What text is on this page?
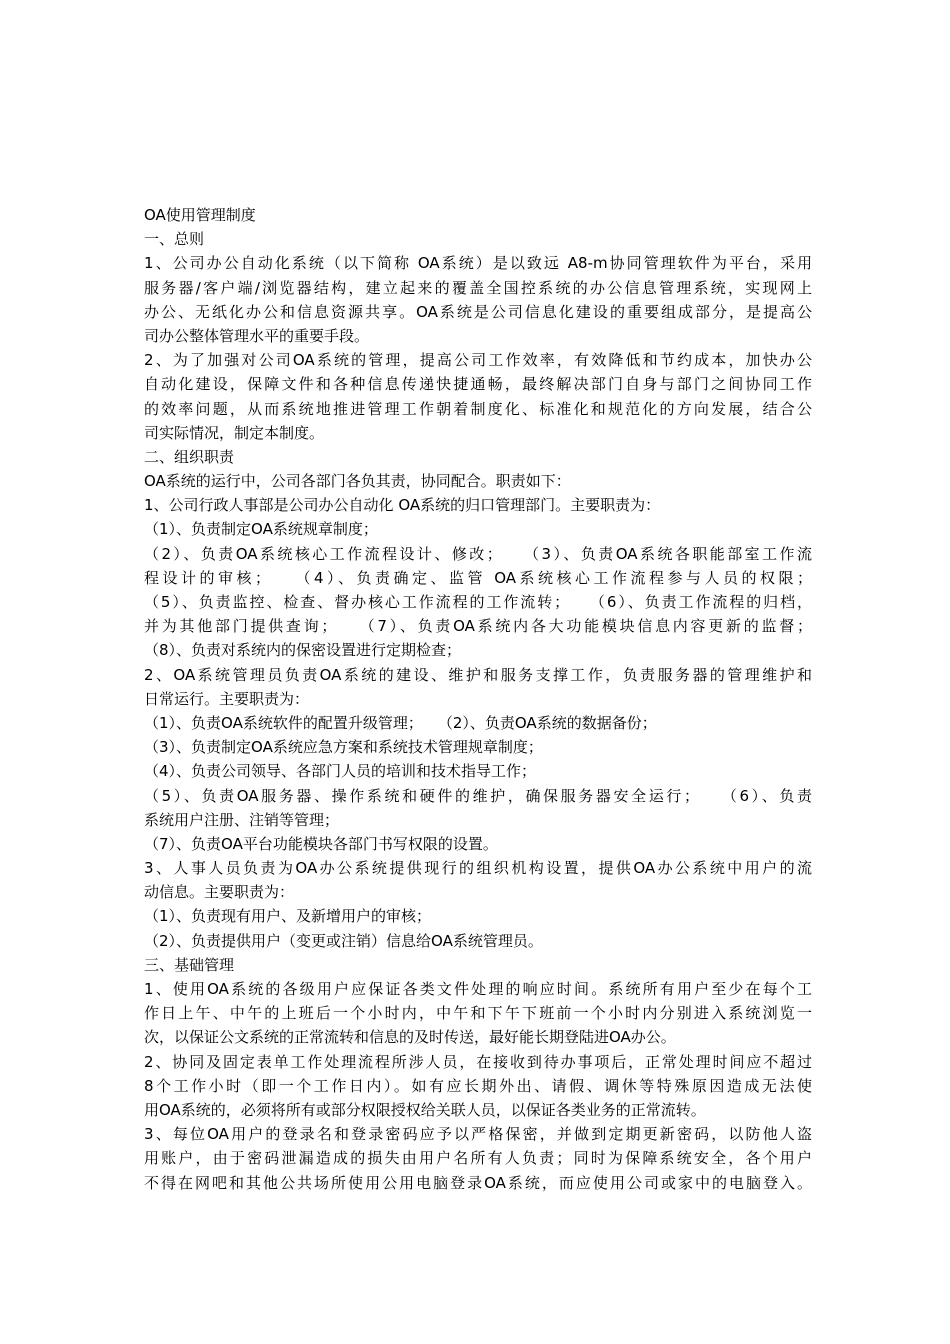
OA使用管理制度
一、总则
1、公司办公自动化系统（以下简称 OA系统）是以致远 A8-m协同管理软件为平台，采用
服务器/客户端/浏览器结构，建立起来的覆盖全国控系统的办公信息管理系统，实现网上
办公、无纸化办公和信息资源共享。OA系统是公司信息化建设的重要组成部分，是提高公
司办公整体管理水平的重要手段。
2、为了加强对公司OA系统的管理，提高公司工作效率，有效降低和节约成本，加快办公
自动化建设，保障文件和各种信息传递快捷通畅，最终解决部门自身与部门之间协同工作
的效率问题，从而系统地推进管理工作朝着制度化、标准化和规范化的方向发展，结合公
司实际情况，制定本制度。
二、组织职责
OA系统的运行中，公司各部门各负其责，协同配合。职责如下：
1、公司行政人事部是公司办公自动化 OA系统的归口管理部门。主要职责为：
（1）、负责制定OA系统规章制度；
（2）、负责OA系统核心工作流程设计、修改；　　（3）、负责OA系统各职能部室工作流
程设计的审核；　　（4）、负责确定、监管 OA系统核心工作流程参与人员的权限；
（5）、负责监控、检查、督办核心工作流程的工作流转；　　（6）、负责工作流程的归档，
并为其他部门提供查询；　　（7）、负责OA系统内各大功能模块信息内容更新的监督；
（8）、负责对系统内的保密设置进行定期检查；
2、OA系统管理员负责OA系统的建设、维护和服务支撑工作，负责服务器的管理维护和
日常运行。主要职责为：
（1）、负责OA系统软件的配置升级管理；　　（2）、负责OA系统的数据备份；
（3）、负责制定OA系统应急方案和系统技术管理规章制度；
（4）、负责公司领导、各部门人员的培训和技术指导工作；
（5）、负责OA服务器、操作系统和硬件的维护，确保服务器安全运行；　　（6）、负责
系统用户注册、注销等管理；
（7）、负责OA平台功能模块各部门书写权限的设置。
3、人事人员负责为OA办公系统提供现行的组织机构设置，提供OA办公系统中用户的流
动信息。主要职责为：
（1）、负责现有用户、及新增用户的审核；
（2）、负责提供用户（变更或注销）信息给OA系统管理员。
三、基础管理
1、使用OA系统的各级用户应保证各类文件处理的响应时间。系统所有用户至少在每个工
作日上午、中午的上班后一个小时内，中午和下午下班前一个小时内分别进入系统浏览一
次，以保证公文系统的正常流转和信息的及时传送，最好能长期登陆进OA办公。
2、协同及固定表单工作处理流程所涉人员，在接收到待办事项后，正常处理时间应不超过
8个工作小时（即一个工作日内）。如有应长期外出、请假、调休等特殊原因造成无法使
用OA系统的，必须将所有或部分权限授权给关联人员，以保证各类业务的正常流转。
3、每位OA用户的登录名和登录密码应予以严格保密，并做到定期更新密码，以防他人盗
用账户，由于密码泄漏造成的损失由用户名所有人负责；同时为保障系统安全，各个用户
不得在网吧和其他公共场所使用公用电脑登录OA系统，而应使用公司或家中的电脑登入。
